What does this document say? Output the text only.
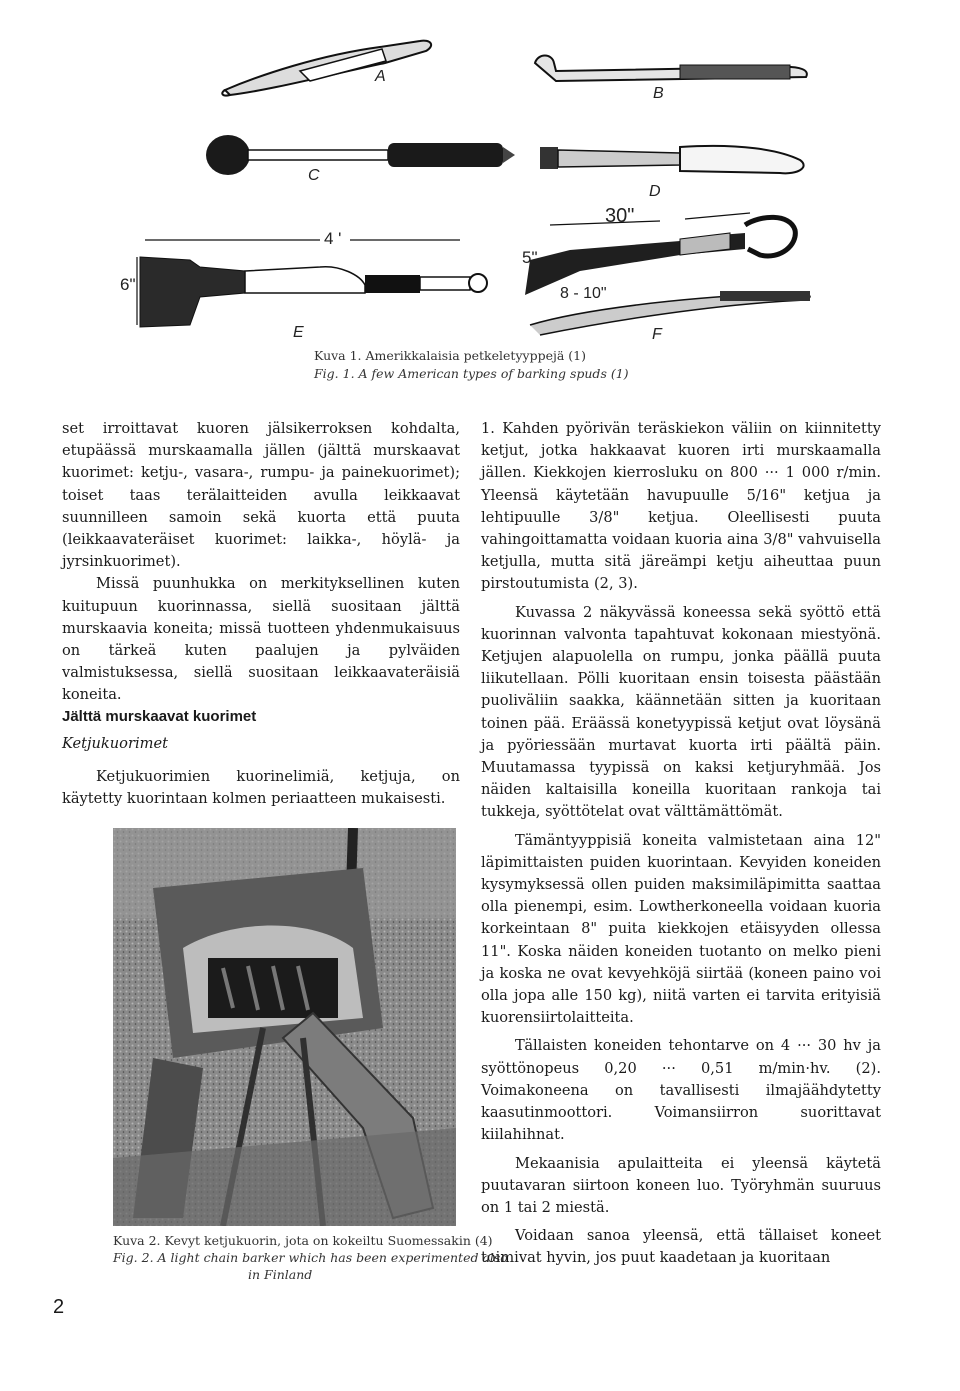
A
B
C
D
E	F
4 '
6"
30"
5"
8 - 10"
Kuva 1. Amerikkalaisia petkeletyyppejä (1)
Fig. 1. A few American types of barking spuds (1)

set irroittavat kuoren jälsikerroksen kohdalta, etupäässä murskaamalla jällen (jälttä murskaavat kuorimet: ketju-, vasara-, rumpu- ja painekuorimet); toiset taas terälaitteiden avulla leikkaavat suunnilleen samoin sekä kuorta että puuta (leikkaavateräiset kuorimet: laikka-, höylä- ja jyrsinkuorimet).

Missä puunhukka on merkityksellinen kuten kuitupuun kuorinnassa, siellä suositaan jälttä murskaavia koneita; missä tuotteen yhdenmukaisuus on tärkeä kuten paalujen ja pylväiden valmistuksessa, siellä suositaan leikkaavateräisiä koneita.

Jälttä murskaavat kuorimet
Ketjukuorimet

Ketjukuorimien kuorinelimiä, ketjuja, on käytetty kuorintaan kolmen periaatteen mukaisesti.

Kuva 2. Kevyt ketjukuorin, jota on kokeiltu Suomessakin (4)
Fig. 2. A light chain barker which has been experimented also
in Finland
2

1. Kahden pyörivän teräskiekon väliin on kiinnitetty ketjut, jotka hakkaavat kuoren irti murskaamalla jällen. Kiekkojen kierrosluku on 800 ··· 1 000 r/min. Yleensä käytetään havupuulle 5/16" ketjua ja lehtipuulle 3/8" ketjua. Oleellisesti puuta vahingoittamatta voidaan kuoria aina 3/8" vahvuisella ketjulla, mutta sitä järeämpi ketju aiheuttaa puun pirstoutumista (2, 3).

Kuvassa 2 näkyvässä koneessa sekä syöttö että kuorinnan valvonta tapahtuvat kokonaan miestyönä. Ketjujen alapuolella on rumpu, jonka päällä puuta liikutellaan. Pölli kuoritaan ensin toisesta päästään puoliväliin saakka, käännetään sitten ja kuoritaan toinen pää. Eräässä konetyypissä ketjut ovat löysänä ja pyöriessään murtavat kuorta irti päältä päin. Muutamassa tyypissä on kaksi ketjuryhmää. Jos näiden kaltaisilla koneilla kuoritaan rankoja tai tukkeja, syöttötelat ovat välttämättömät.

Tämäntyyppisiä koneita valmistetaan aina 12" läpimittaisten puiden kuorintaan. Kevyiden koneiden kysymyksessä ollen puiden maksimiläpimitta saattaa olla pienempi, esim. Lowtherkoneella voidaan kuoria korkeintaan 8" puita kiekkojen etäisyyden ollessa 11". Koska näiden koneiden tuotanto on melko pieni ja koska ne ovat kevyehköjä siirtää (koneen paino voi olla jopa alle 150 kg), niitä varten ei tarvita erityisiä kuorensiirtolaitteita.

Tällaisten koneiden tehontarve on 4 ··· 30 hv ja syöttönopeus 0,20 ··· 0,51 m/min·hv. (2). Voimakoneena on tavallisesti ilmajäähdytetty kaasutinmoottori. Voimansiirron suorittavat kiilahihnat.

Mekaanisia apulaitteita ei yleensä käytetä puutavaran siirtoon koneen luo. Työryhmän suuruus on 1 tai 2 miestä.

Voidaan sanoa yleensä, että tällaiset koneet toimivat hyvin, jos puut kaadetaan ja kuoritaan
